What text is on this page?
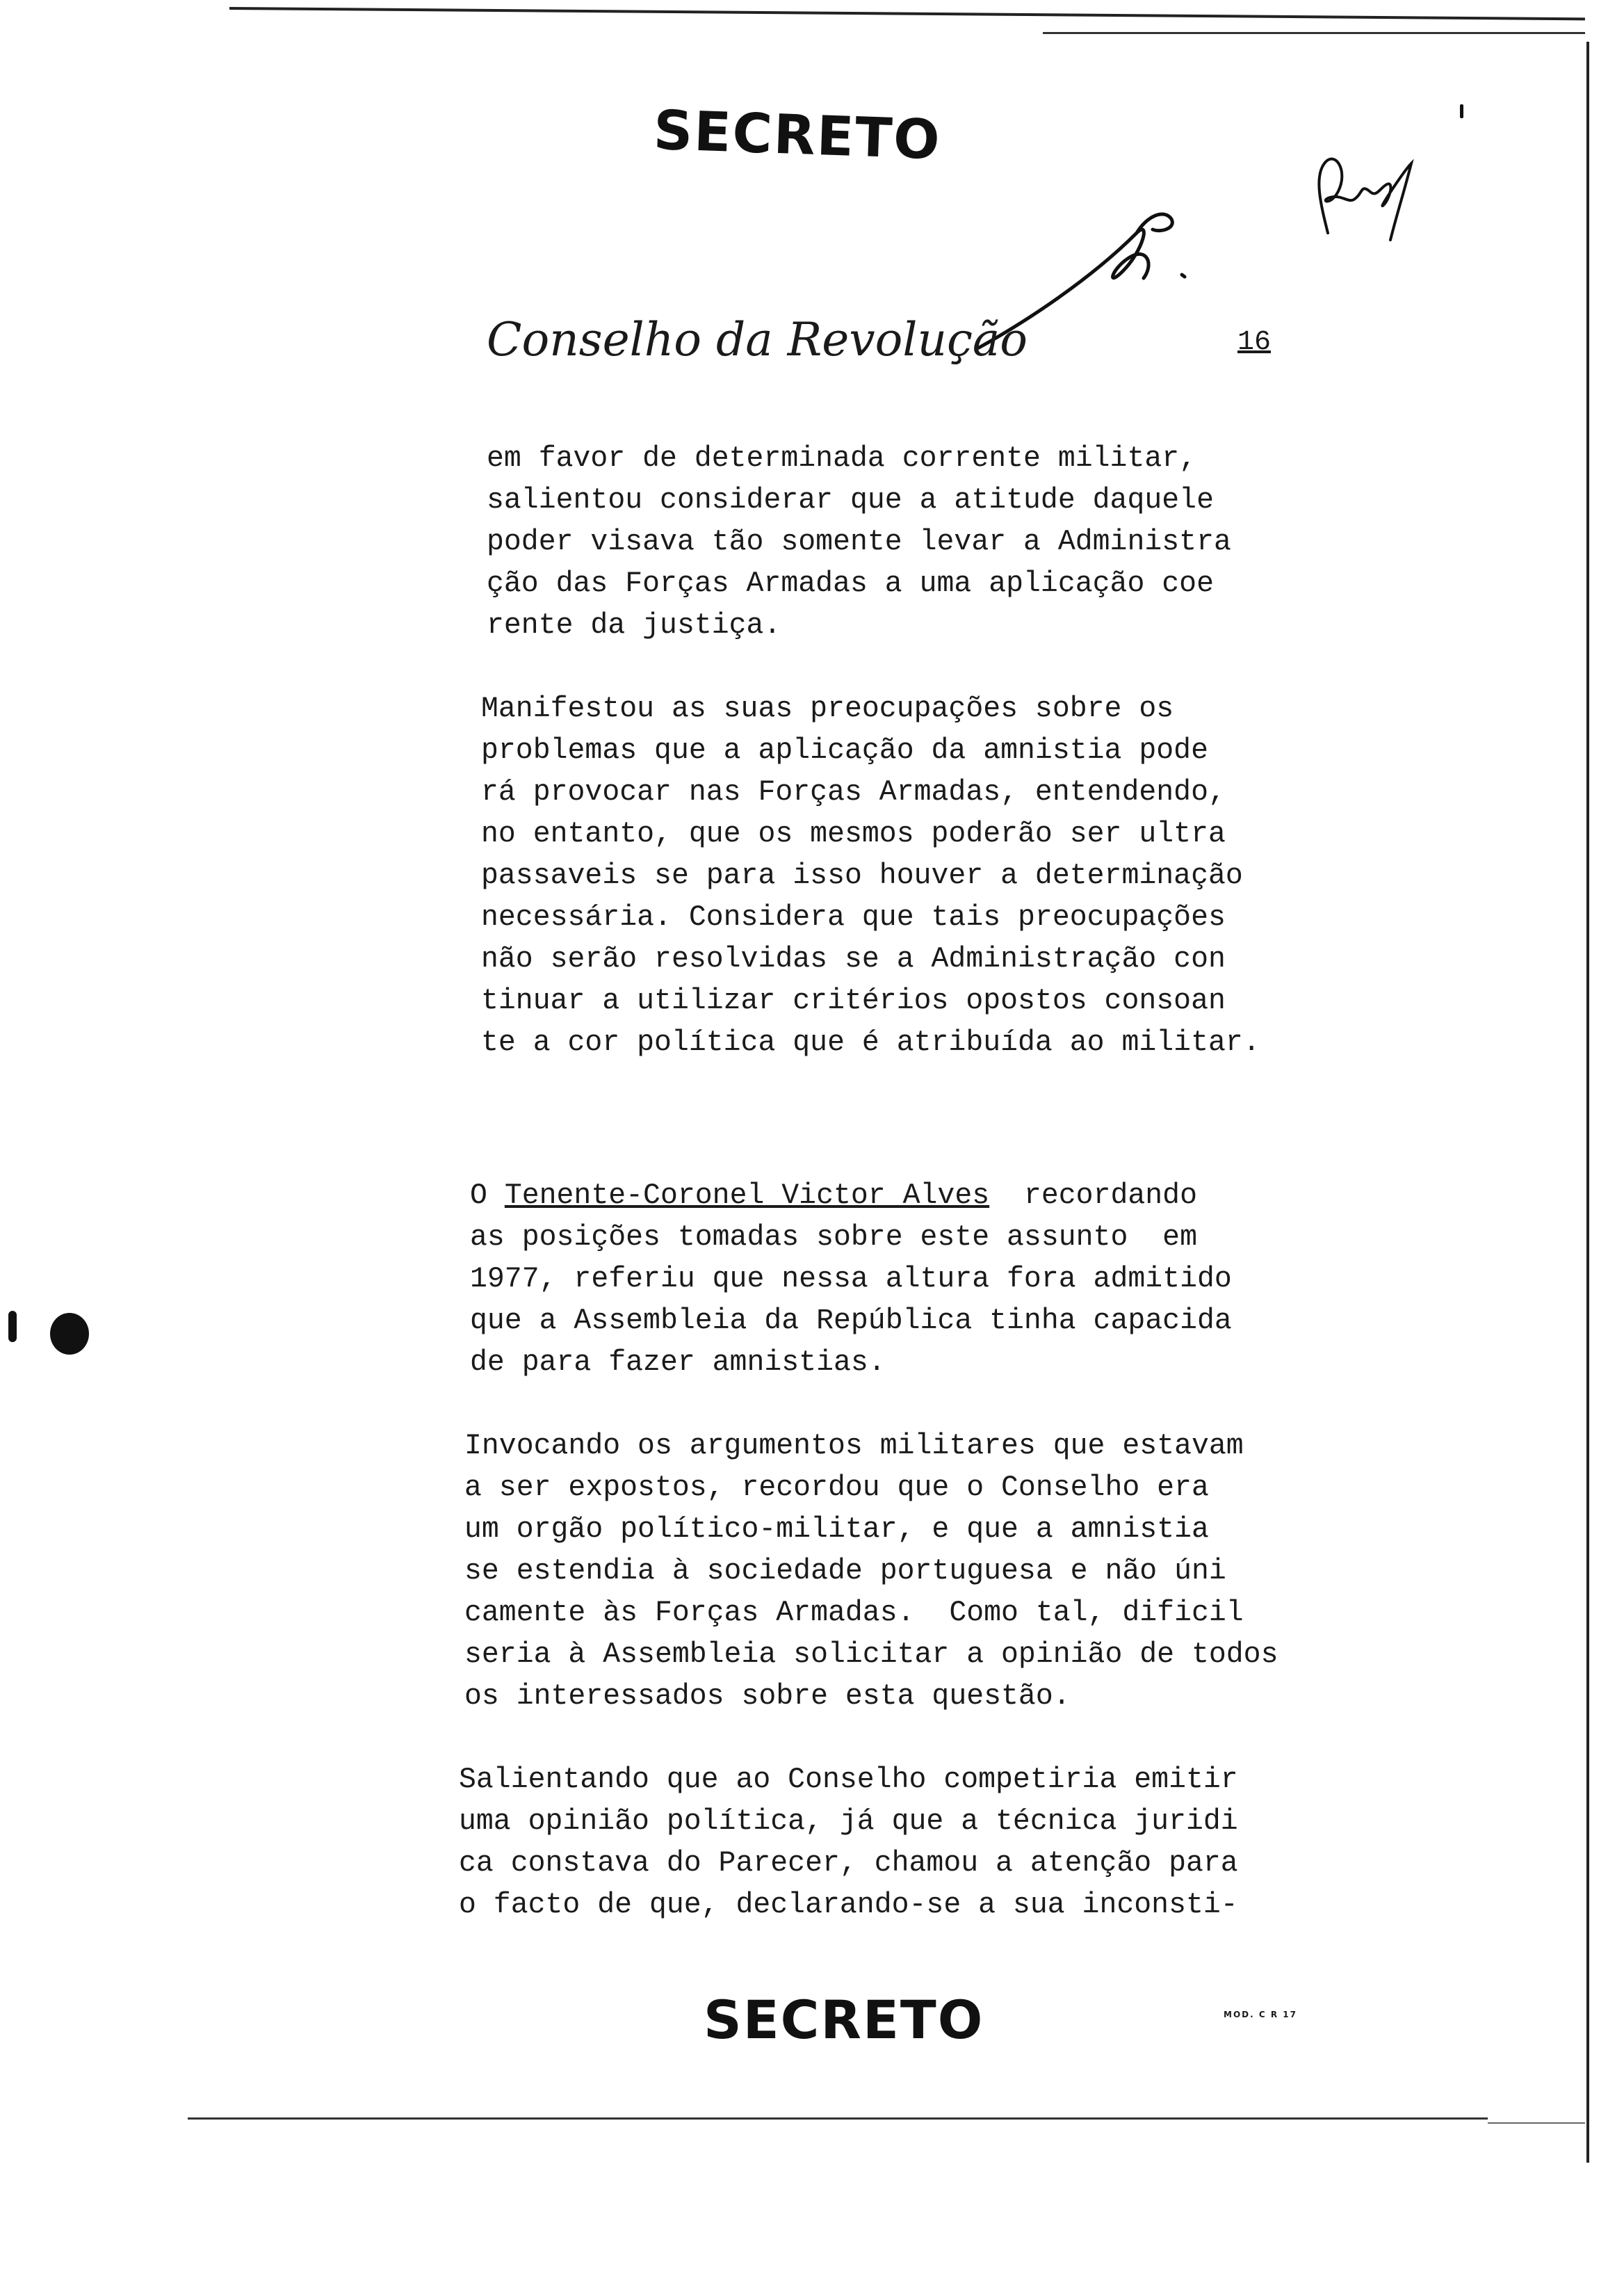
SECRETO
Conselho da Revolução	16
em favor de determinada corrente militar,
salientou considerar que a atitude daquele
poder visava tão somente levar a Administra
ção das Forças Armadas a uma aplicação coe
rente da justiça.
Manifestou as suas preocupações sobre os
problemas que a aplicação da amnistia pode
rá provocar nas Forças Armadas, entendendo,
no entanto, que os mesmos poderão ser ultra
passaveis se para isso houver a determinação
necessária. Considera que tais preocupações
não serão resolvidas se a Administração con
tinuar a utilizar critérios opostos consoan
te a cor política que é atribuída ao militar.
O Tenente-Coronel Victor Alves  recordando
as posições tomadas sobre este assunto  em
1977, referiu que nessa altura fora admitido
que a Assembleia da República tinha capacida
de para fazer amnistias.
Invocando os argumentos militares que estavam
a ser expostos, recordou que o Conselho era
um orgão político-militar, e que a amnistia
se estendia à sociedade portuguesa e não úni
camente às Forças Armadas.  Como tal, dificil
seria à Assembleia solicitar a opinião de todos
os interessados sobre esta questão.
Salientando que ao Conselho competiria emitir
uma opinião política, já que a técnica juridi
ca constava do Parecer, chamou a atenção para
o facto de que, declarando-se a sua inconsti-
SECRETO	MOD. C R 17
